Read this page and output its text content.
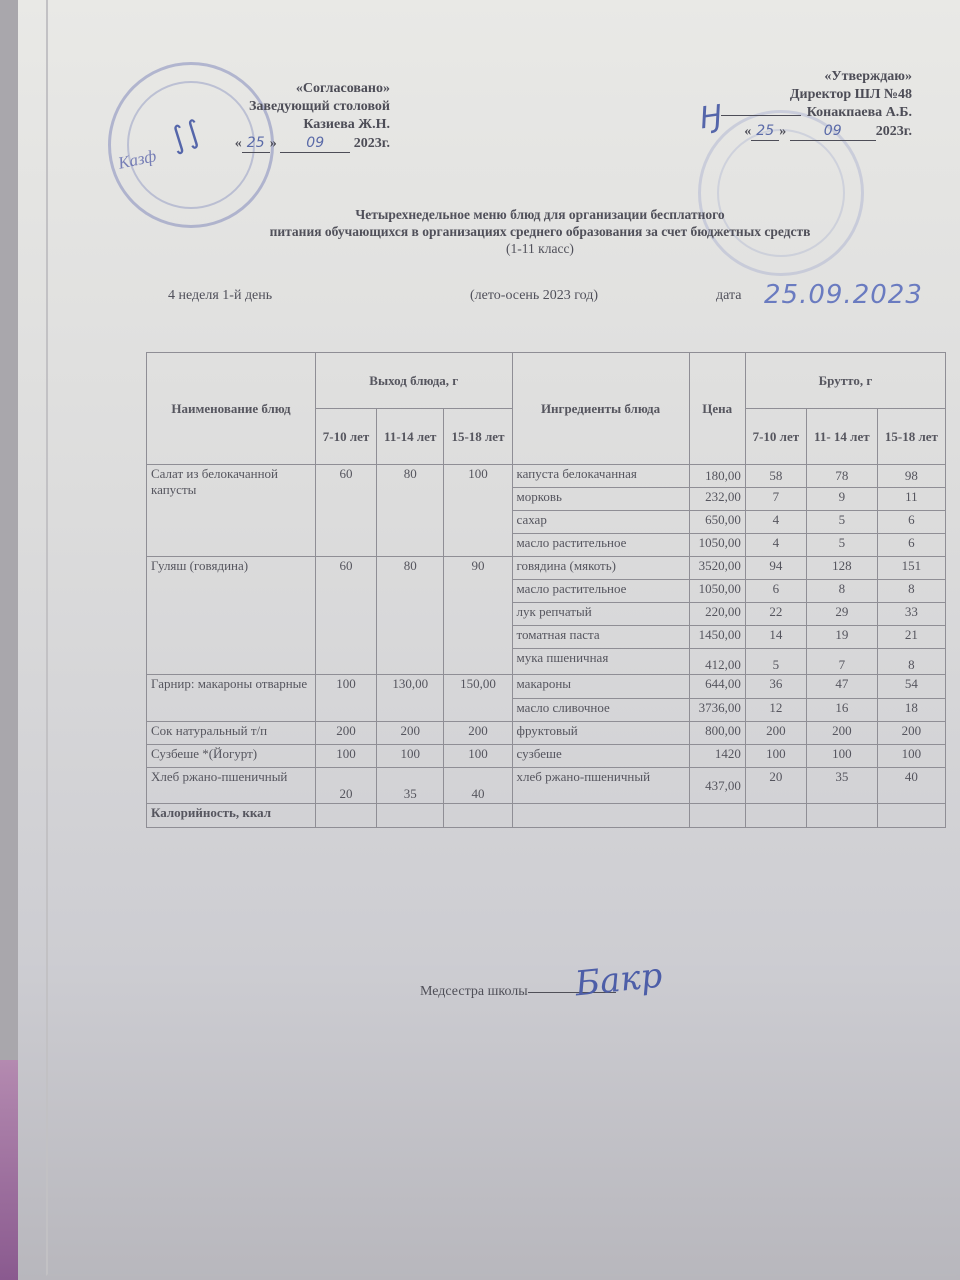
Казф
«Согласовано»
Заведующий столовой
Казиева Ж.Н.
« 25 » 09 2023г.
∫∫
«Утверждаю»
Директор ШЛ №48
Конакпаева А.Б.
« 25 » 09 2023г.
Ӈ
Четырехнедельное меню блюд для организации бесплатного
питания обучающихся в организациях среднего образования за счет бюджетных средств
(1-11 класс)
4 неделя 1-й день	(лето-осень 2023 год)	дата 25.09.2023
Наименование блюд	Выход блюда, г			Ингредиенты блюда	Цена	Брутто, г		
	7-10 лет	11-14 лет	15-18 лет			7-10 лет	11- 14 лет	15-18 лет
Салат из белокачанной капусты	60	80	100	капуста белокачанная	180,00	58	78	98
				морковь	232,00	7	9	11
				сахар	650,00	4	5	6
				масло растительное	1050,00	4	5	6
Гуляш (говядина)	60	80	90	говядина (мякоть)	3520,00	94	128	151
				масло растительное	1050,00	6	8	8
				лук репчатый	220,00	22	29	33
				томатная паста	1450,00	14	19	21
				мука пшеничная	412,00	5	7	8
Гарнир: макароны отварные	100	130,00	150,00	макароны	644,00	36	47	54
				масло сливочное	3736,00	12	16	18
Сок натуральный т/п	200	200	200	фруктовый	800,00	200	200	200
Сузбеше *(Йогурт)	100	100	100	сузбеше	1420	100	100	100
Хлеб ржано-пшеничный	20	35	40	хлеб ржано-пшеничный	437,00	20	35	40
Калорийность, ккал								
Медсестра школы	Бакр
